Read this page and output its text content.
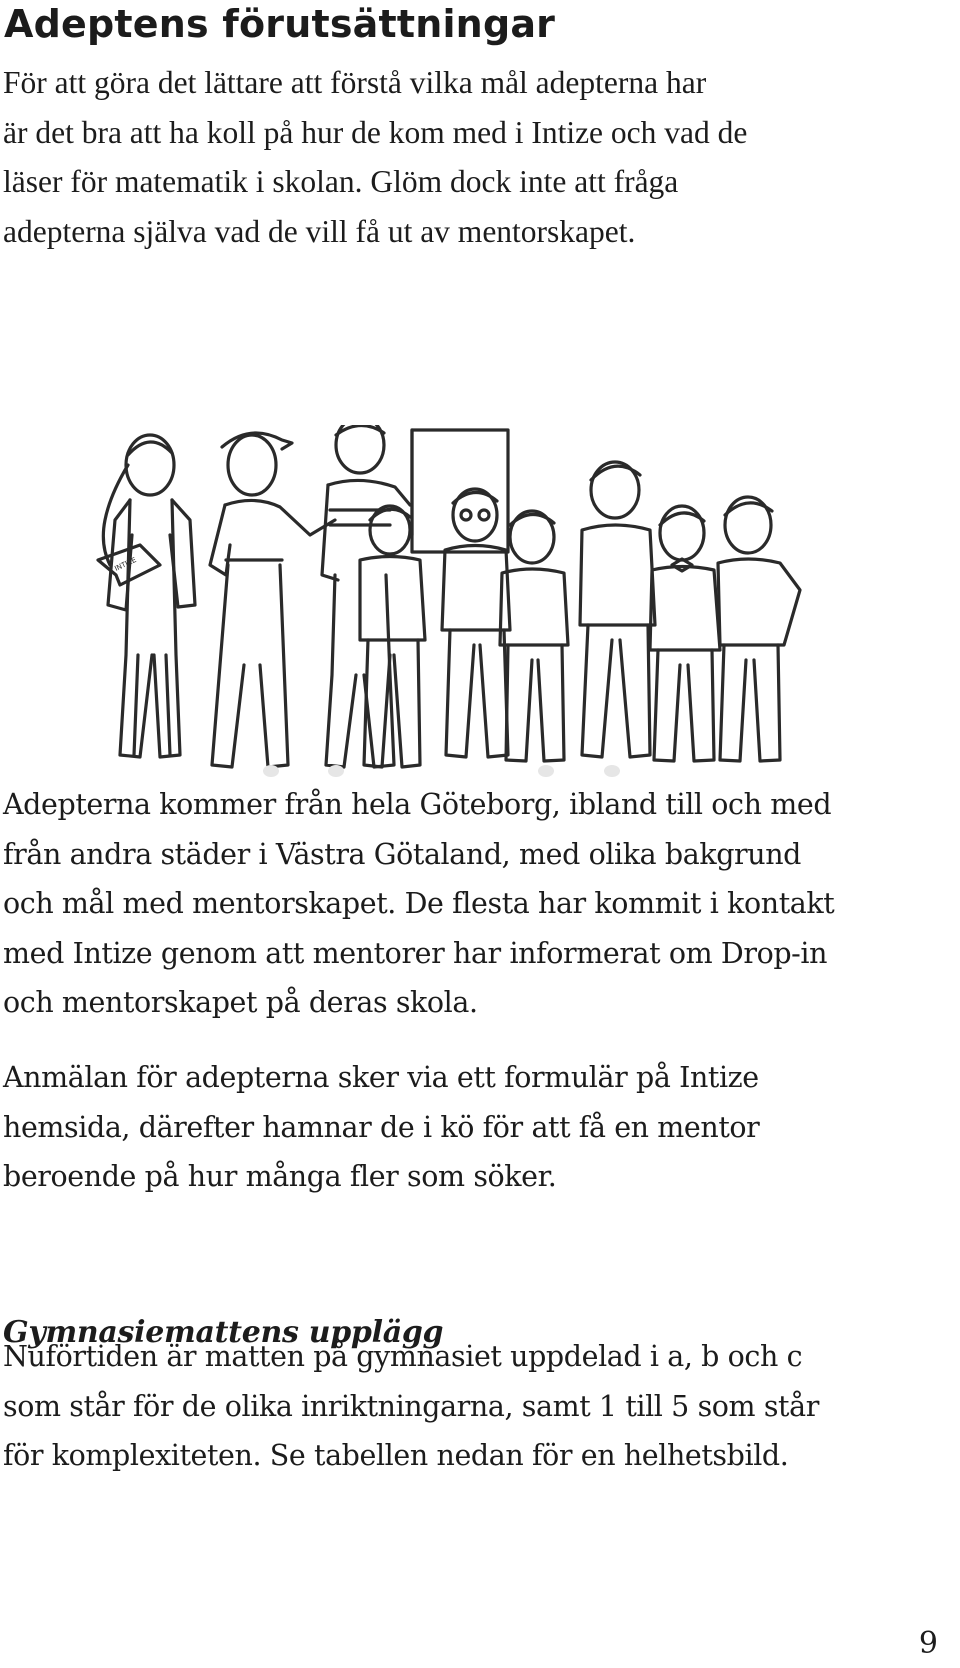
Adeptens förutsättningar
För att göra det lättare att förstå vilka mål adepterna har
är det bra att ha koll på hur de kom med i Intize och vad de
läser för matematik i skolan. Glöm dock inte att fråga
adepterna själva vad de vill få ut av mentorskapet.
INTIZE
Adepterna kommer från hela Göteborg, ibland till och med
från andra städer i Västra Götaland, med olika bakgrund
och mål med mentorskapet. De flesta har kommit i kontakt
med Intize genom att mentorer har informerat om Drop-in
och mentorskapet på deras skola.
Anmälan för adepterna sker via ett formulär på Intize
hemsida, därefter hamnar de i kö för att få en mentor
beroende på hur många fler som söker.
Gymnasiemattens upplägg
Nuförtiden är matten på gymnasiet uppdelad i a, b och c
som står för de olika inriktningarna, samt 1 till 5 som står
för komplexiteten. Se tabellen nedan för en helhetsbild.
9
